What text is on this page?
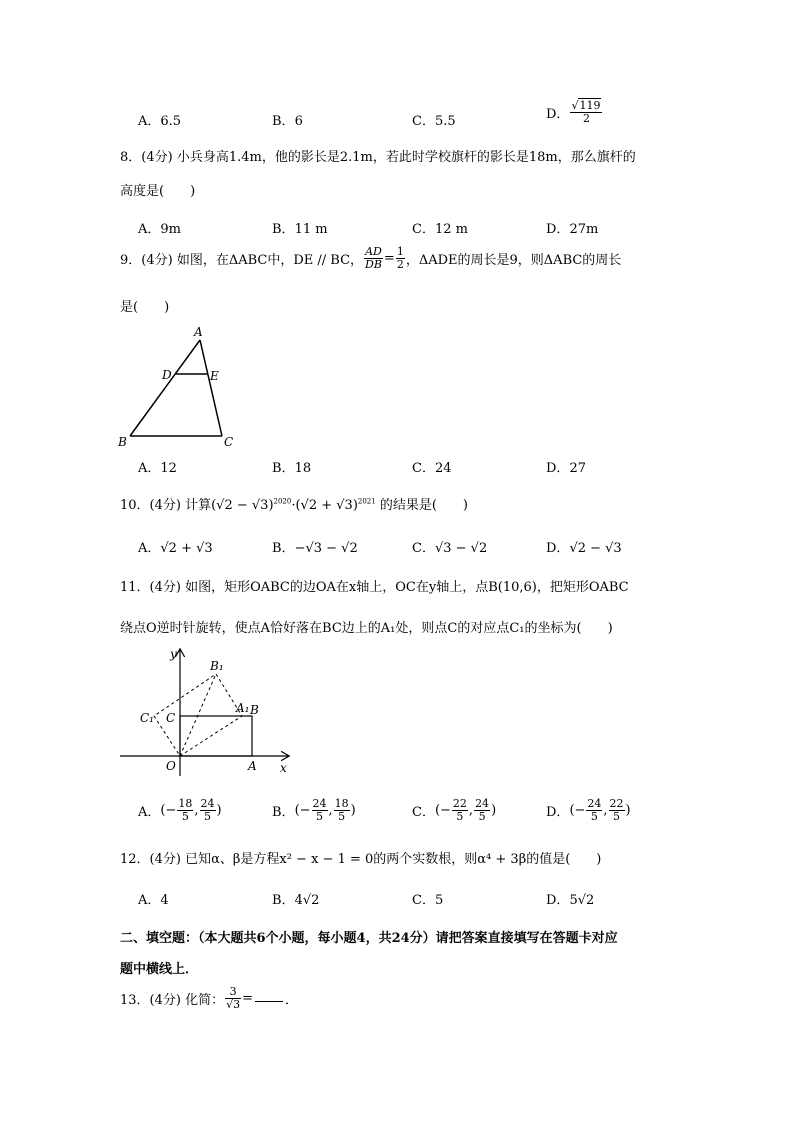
A．6.5	B．6	C．5.5	D． $\frac{√119}{2}$
8．(4分) 小兵身高1.4m，他的影长是2.1m，若此时学校旗杆的影长是18m，那么旗杆的
高度是(　　)
A．9m	B．11 m	C．12 m	D．27m
9．(4分) 如图，在ΔABC中，DE // BC， $\frac{AD}{DB} = \frac{1}{2}$ ，ΔADE的周长是9，则ΔABC的周长
是(　　)
A
D	E
B	C
A．12	B．18	C．24	D．27
10．(4分) 计算$(√2 - √3)^{2020}\cdot(√2 + √3)^{2021}$ 的结果是(　　)
A．√2 + √3	B．−√3 − √2	C．√3 − √2	D．√2 − √3
11．(4分) 如图，矩形OABC的边OA在x轴上，OC在y轴上，点B(10,6)，把矩形OABC
绕点O逆时针旋转，使点A恰好落在BC边上的A₁处，则点C的对应点C₁的坐标为(　　)
y
x
O	A
B
C
A₁
B₁
C₁
A．(− $\frac{18}{5}$ , $\frac{24}{5}$ )	B．(− $\frac{24}{5}$ , $\frac{18}{5}$ )	C．(− $\frac{22}{5}$ , $\frac{24}{5}$ )	D．(− $\frac{24}{5}$ , $\frac{22}{5}$ )
12．(4分) 已知α、β是方程x² − x − 1 = 0的两个实数根，则α⁴ + 3β的值是(　　)
A．4	B．4√2	C．5	D．5√2
二、填空题：（本大题共6个小题，每小题4，共24分）请把答案直接填写在答题卡对应
题中横线上．
13．(4分) 化简： $\frac{3}{√3}$ = ．
